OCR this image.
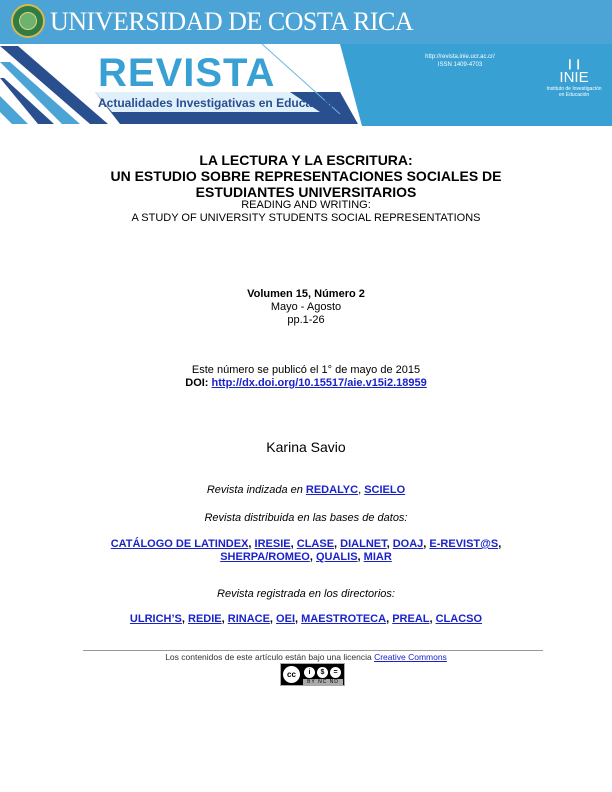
UNIVERSIDAD DE COSTA RICA
REVISTA
Actualidades Investigativas en Educación
http://revista.inie.ucr.ac.cr/
ISSN 1409-4703	❙❙
INIE
Instituto de Investigación en Educación
LA LECTURA Y LA ESCRITURA:
UN ESTUDIO SOBRE REPRESENTACIONES SOCIALES DE
ESTUDIANTES UNIVERSITARIOS
READING AND WRITING:
A STUDY OF UNIVERSITY STUDENTS SOCIAL REPRESENTATIONS
Volumen 15, Número 2
Mayo - Agosto
pp.1-26
Este número se publicó el 1° de mayo de 2015
DOI: http://dx.doi.org/10.15517/aie.v15i2.18959
Karina Savio
Revista indizada en REDALYC, SCIELO
Revista distribuida en las bases de datos:
CATÁLOGO DE LATINDEX, IRESIE, CLASE, DIALNET, DOAJ, E-REVIST@S,
SHERPA/ROMEO, QUALIS, MIAR
Revista registrada en los directorios:
ULRICH’S, REDIE, RINACE, OEI, MAESTROTECA, PREAL, CLACSO
Los contenidos de este artículo están bajo una licencia Creative Commons
cc	i	$	=
BY NC ND
